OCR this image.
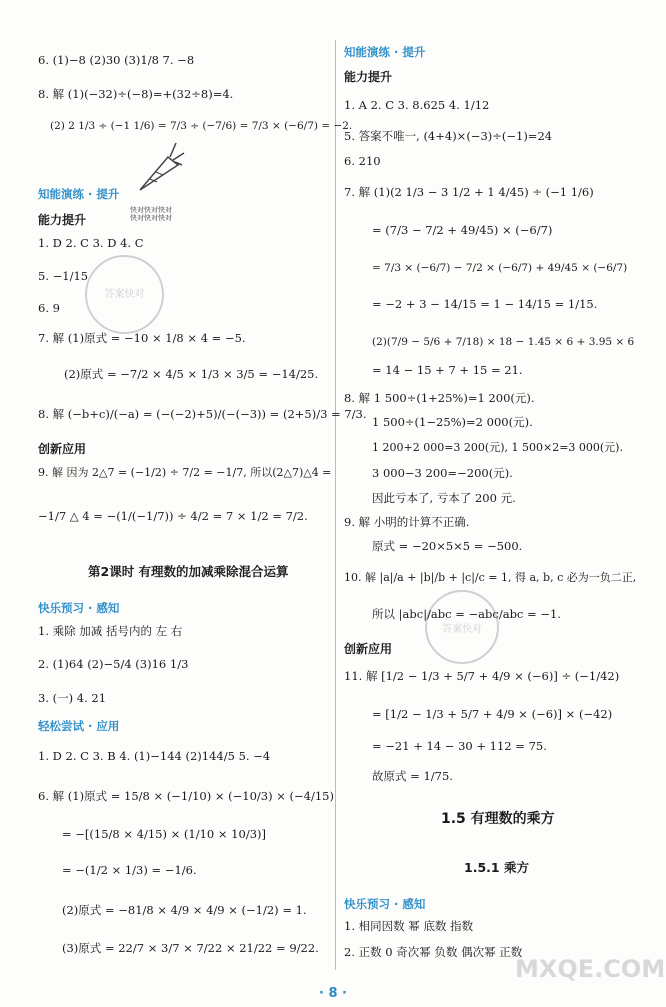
MXQE.COM
答案快对
答案快对
快对快对快对
快对快对快对
6. (1)−8 (2)30 (3)1/8 7. −8
8. 解 (1)(−32)÷(−8)=+(32÷8)=4.
(2) 2 1/3 ÷ (−1 1/6) = 7/3 ÷ (−7/6) = 7/3 × (−6/7) = −2.
知能演练 · 提升
能力提升
1. D 2. C 3. D 4. C
5. −1/15
6. 9
7. 解 (1)原式 = −10 × 1/8 × 4 = −5.
(2)原式 = −7/2 × 4/5 × 1/3 × 3/5 = −14/25.
8. 解 (−b+c)/(−a) = (−(−2)+5)/(−(−3)) = (2+5)/3 = 7/3.
创新应用
9. 解 因为 2△7 = (−1/2) ÷ 7/2 = −1/7, 所以(2△7)△4 =
−1/7 △ 4 = −(1/(−1/7)) ÷ 4/2 = 7 × 1/2 = 7/2.
第2课时 有理数的加减乘除混合运算
快乐预习 · 感知
1. 乘除 加减 括号内的 左 右
2. (1)64 (2)−5/4 (3)16 1/3
3. (一) 4. 21
轻松尝试 · 应用
1. D 2. C 3. B 4. (1)−144 (2)144/5 5. −4
6. 解 (1)原式 = 15/8 × (−1/10) × (−10/3) × (−4/15)
= −[(15/8 × 4/15) × (1/10 × 10/3)]
= −(1/2 × 1/3) = −1/6.
(2)原式 = −81/8 × 4/9 × 4/9 × (−1/2) = 1.
(3)原式 = 22/7 × 3/7 × 7/22 × 21/22 = 9/22.
知能演练 · 提升
能力提升
1. A 2. C 3. 8.625 4. 1/12
5. 答案不唯一, (4+4)×(−3)÷(−1)=24
6. 210
7. 解 (1)(2 1/3 − 3 1/2 + 1 4/45) ÷ (−1 1/6)
= (7/3 − 7/2 + 49/45) × (−6/7)
= 7/3 × (−6/7) − 7/2 × (−6/7) + 49/45 × (−6/7)
= −2 + 3 − 14/15 = 1 − 14/15 = 1/15.
(2)(7/9 − 5/6 + 7/18) × 18 − 1.45 × 6 + 3.95 × 6
= 14 − 15 + 7 + 15 = 21.
8. 解 1 500÷(1+25%)=1 200(元).
1 500÷(1−25%)=2 000(元).
1 200+2 000=3 200(元), 1 500×2=3 000(元).
3 000−3 200=−200(元).
因此亏本了, 亏本了 200 元.
9. 解 小明的计算不正确.
原式 = −20×5×5 = −500.
10. 解 |a|/a + |b|/b + |c|/c = 1, 得 a, b, c 必为一负二正,
所以 |abc|/abc = −abc/abc = −1.
创新应用
11. 解 [1/2 − 1/3 + 5/7 + 4/9 × (−6)] ÷ (−1/42)
= [1/2 − 1/3 + 5/7 + 4/9 × (−6)] × (−42)
= −21 + 14 − 30 + 112 = 75.
故原式 = 1/75.
1.5 有理数的乘方
1.5.1 乘方
快乐预习 · 感知
1. 相同因数 幂 底数 指数
2. 正数 0 奇次幂 负数 偶次幂 正数
· 8 ·
